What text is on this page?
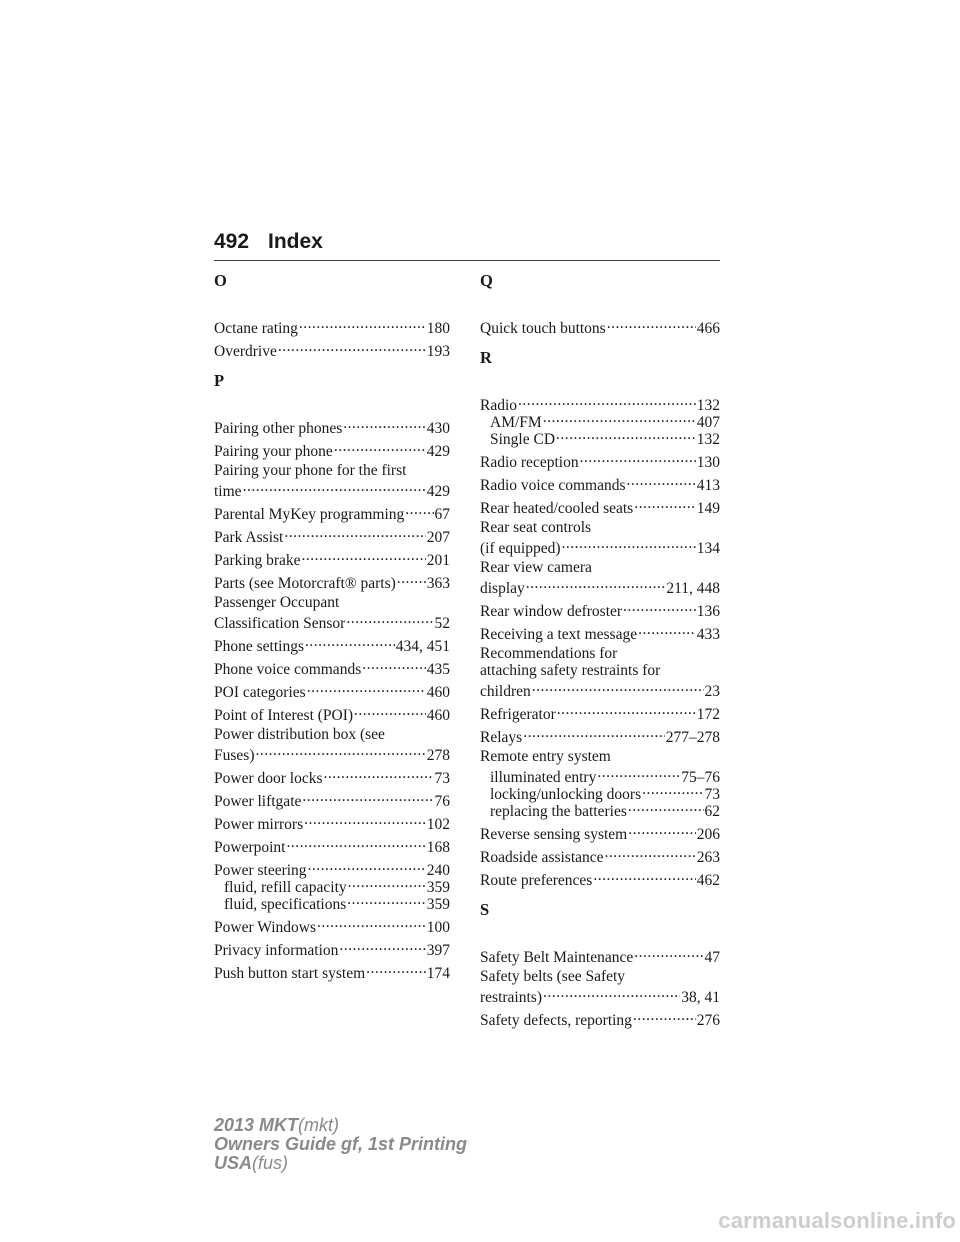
492 Index
O
Octane rating .....	180
Overdrive .....	193
P
Pairing other phones .....	430
Pairing your phone .....	429
Pairing your phone for the first
time .....	429
Parental MyKey programming ..... 67
Park Assist .....	207
Parking brake .....	201
Parts (see Motorcraft® parts) ..... 363
Passenger Occupant
Classification Sensor .....	52
Phone settings .....	434, 451
Phone voice commands .....	435
POI categories .....	460
Point of Interest (POI) .....	460
Power distribution box (see
Fuses) .....	278
Power door locks .....	73
Power liftgate .....	76
Power mirrors .....	102
Powerpoint .....	168
Power steering .....	240
fluid, refill capacity .....	359
fluid, specifications .....	359
Power Windows .....	100
Privacy information .....	397
Push button start system .....	174
Q
Quick touch buttons .....	466
R
Radio .....	132
AM/FM .....	407
Single CD .....	132
Radio reception .....	130
Radio voice commands .....	413
Rear heated/cooled seats .....	149
Rear seat controls
(if equipped) .....	134
Rear view camera
display .....	211, 448
Rear window defroster .....	136
Receiving a text message .....	433
Recommendations for
attaching safety restraints for
children .....	23
Refrigerator .....	172
Relays .....	277–278
Remote entry system
illuminated entry .....	75–76
locking/unlocking doors .....	73
replacing the batteries .....	62
Reverse sensing system .....	206
Roadside assistance .....	263
Route preferences .....	462
S
Safety Belt Maintenance .....	47
Safety belts (see Safety
restraints) .....	38, 41
Safety defects, reporting .....	276
2013 MKT(mkt)
Owners Guide gf, 1st Printing
USA(fus)
carmanualsonline.info
